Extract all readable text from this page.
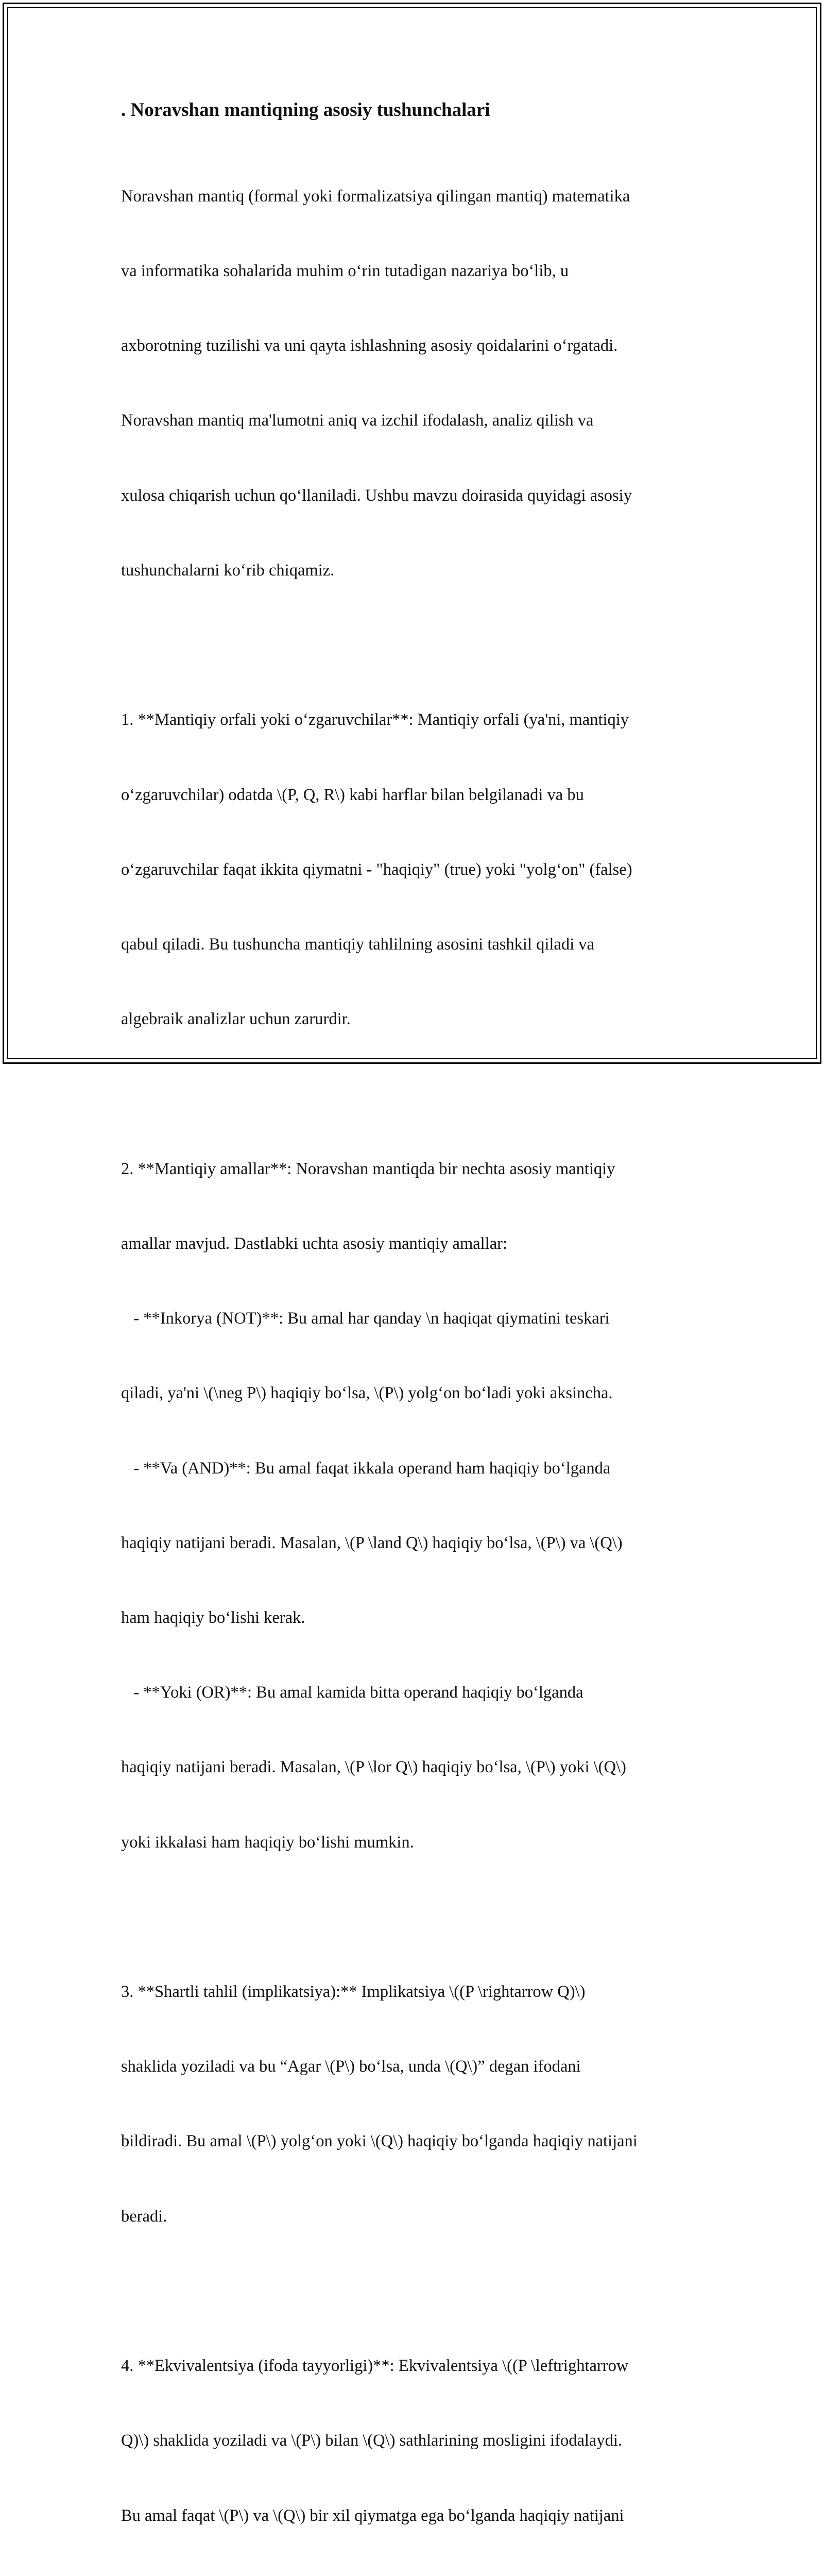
. Noravshan mantiqning asosiy tushunchalari

Noravshan mantiq (formal yoki formalizatsiya qilingan mantiq) matematika

va informatika sohalarida muhim o‘rin tutadigan nazariya bo‘lib, u

axborotning tuzilishi va uni qayta ishlashning asosiy qoidalarini o‘rgatadi.

Noravshan mantiq ma'lumotni aniq va izchil ifodalash, analiz qilish va

xulosa chiqarish uchun qo‘llaniladi. Ushbu mavzu doirasida quyidagi asosiy

tushunchalarni ko‘rib chiqamiz.

1. **Mantiqiy orfali yoki o‘zgaruvchilar**: Mantiqiy orfali (ya'ni, mantiqiy

o‘zgaruvchilar) odatda \(P, Q, R\) kabi harflar bilan belgilanadi va bu

o‘zgaruvchilar faqat ikkita qiymatni - "haqiqiy" (true) yoki "yolg‘on" (false)

qabul qiladi. Bu tushuncha mantiqiy tahlilning asosini tashkil qiladi va

algebraik analizlar uchun zarurdir.

2. **Mantiqiy amallar**: Noravshan mantiqda bir nechta asosiy mantiqiy

amallar mavjud. Dastlabki uchta asosiy mantiqiy amallar:

- **Inkorya (NOT)**: Bu amal har qanday \n haqiqat qiymatini teskari

qiladi, ya'ni \(\neg P\) haqiqiy bo‘lsa, \(P\) yolg‘on bo‘ladi yoki aksincha.

- **Va (AND)**: Bu amal faqat ikkala operand ham haqiqiy bo‘lganda

haqiqiy natijani beradi. Masalan, \(P \land Q\) haqiqiy bo‘lsa, \(P\) va \(Q\)

ham haqiqiy bo‘lishi kerak.

- **Yoki (OR)**: Bu amal kamida bitta operand haqiqiy bo‘lganda

haqiqiy natijani beradi. Masalan, \(P \lor Q\) haqiqiy bo‘lsa, \(P\) yoki \(Q\)

yoki ikkalasi ham haqiqiy bo‘lishi mumkin.

3. **Shartli tahlil (implikatsiya):** Implikatsiya \((P \rightarrow Q)\)

shaklida yoziladi va bu “Agar \(P\) bo‘lsa, unda \(Q\)” degan ifodani

bildiradi. Bu amal \(P\) yolg‘on yoki \(Q\) haqiqiy bo‘lganda haqiqiy natijani

beradi.

4. **Ekvivalentsiya (ifoda tayyorligi)**: Ekvivalentsiya \((P \leftrightarrow

Q)\) shaklida yoziladi va \(P\) bilan \(Q\) sathlarining mosligini ifodalaydi.

Bu amal faqat \(P\) va \(Q\) bir xil qiymatga ega bo‘lganda haqiqiy natijani
